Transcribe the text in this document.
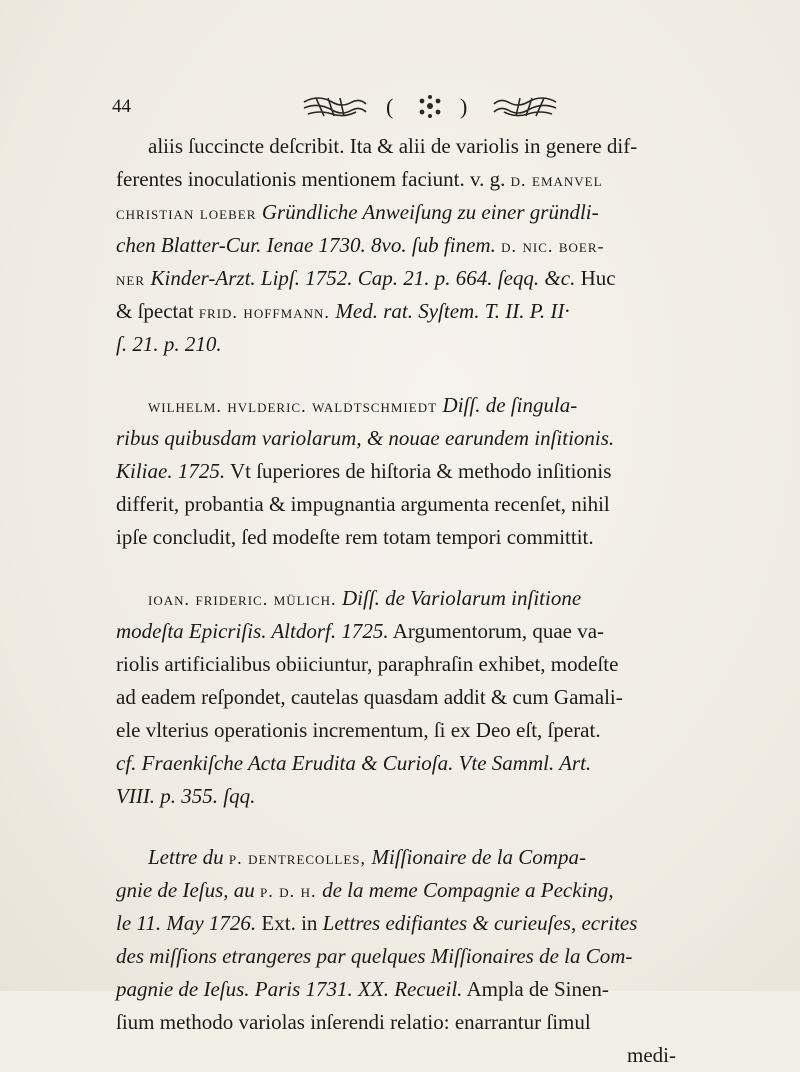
44	(	)
aliis ſuccincte deſcribit. Ita & alii de variolis in genere dif-
ferentes inoculationis mentionem faciunt. v. g. d. emanvel
christian loeber Gründliche Anweiſung zu einer gründli-
chen Blatter-Cur. Ienae 1730. 8vo. ſub finem. d. nic. boer-
ner Kinder-Arzt. Lipſ. 1752. Cap. 21. p. 664. ſeqq. &c. Huc
& ſpectat frid. hoffmann. Med. rat. Syſtem. T. II. P. II·
ſ. 21. p. 210.
wilhelm. hvlderic. waldtschmiedt Diſſ. de ſingula-
ribus quibusdam variolarum, & nouae earundem inſitionis.
Kiliae. 1725. Vt ſuperiores de hiſtoria & methodo inſitionis
differit, probantia & impugnantia argumenta recenſet, nihil
ipſe concludit, ſed modeſte rem totam tempori committit.
ioan. frideric. mülich. Diſſ. de Variolarum inſitione
modeſta Epicriſis. Altdorf. 1725. Argumentorum, quae va-
riolis artificialibus obiiciuntur, paraphraſin exhibet, modeſte
ad eadem reſpondet, cautelas quasdam addit & cum Gamali-
ele vlterius operationis incrementum, ſi ex Deo eſt, ſperat.
cf. Fraenkiſche Acta Erudita & Curioſa. Vte Samml. Art.
VIII. p. 355. ſqq.
Lettre du p. dentrecolles, Miſſionaire de la Compa-
gnie de Ieſus, au p. d. h. de la meme Compagnie a Pecking,
le 11. May 1726. Ext. in Lettres edifiantes & curieuſes, ecrites
des miſſions etrangeres par quelques Miſſionaires de la Com-
pagnie de Ieſus. Paris 1731. XX. Recueil. Ampla de Sinen-
ſium methodo variolas inſerendi relatio: enarrantur ſimul
medi-
